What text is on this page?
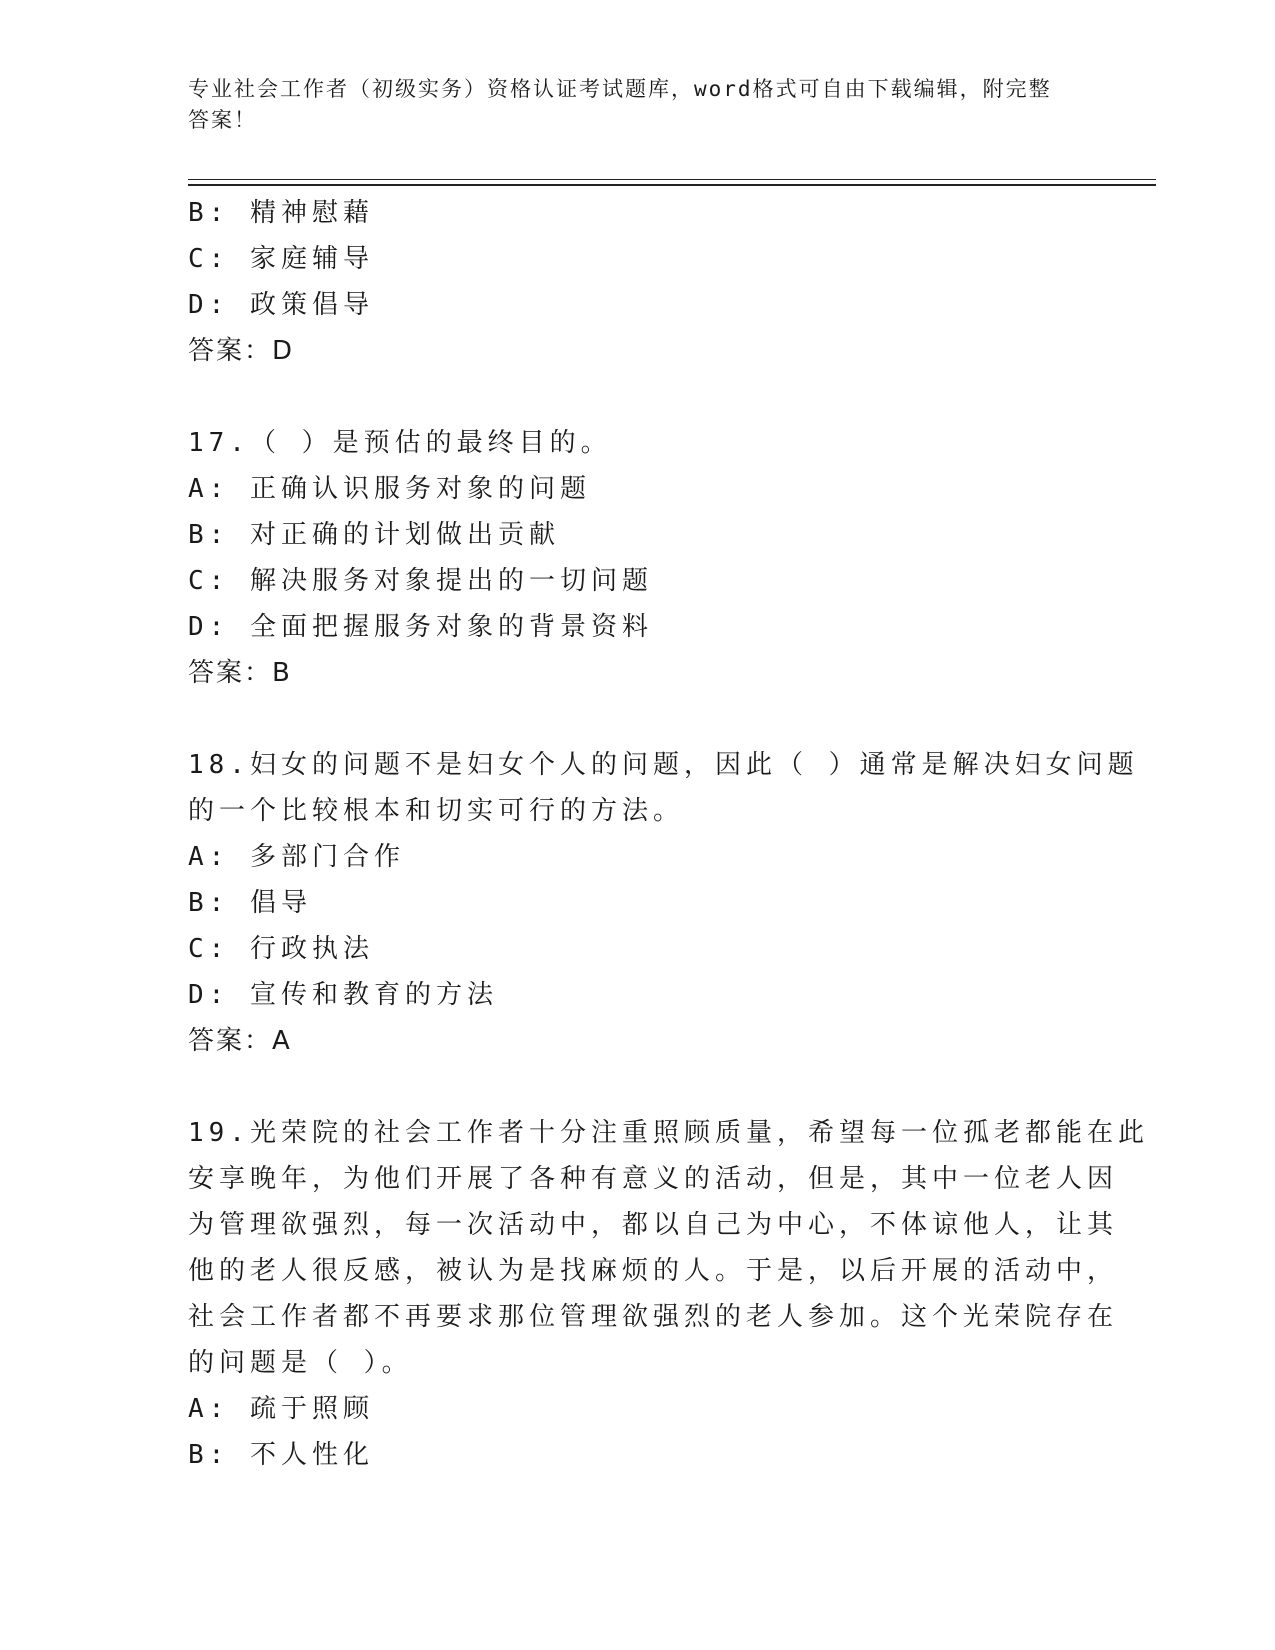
专业社会工作者（初级实务）资格认证考试题库，word格式可自由下载编辑，附完整答案！

B: 精神慰藉

C: 家庭辅导

D: 政策倡导

答案：D

17.（ ）是预估的最终目的。

A: 正确认识服务对象的问题

B: 对正确的计划做出贡献

C: 解决服务对象提出的一切问题

D: 全面把握服务对象的背景资料

答案：B

18.妇女的问题不是妇女个人的问题，因此（ ）通常是解决妇女问题

的一个比较根本和切实可行的方法。

A: 多部门合作

B: 倡导

C: 行政执法

D: 宣传和教育的方法

答案：A

19.光荣院的社会工作者十分注重照顾质量，希望每一位孤老都能在此

安享晚年，为他们开展了各种有意义的活动，但是，其中一位老人因

为管理欲强烈，每一次活动中，都以自己为中心，不体谅他人，让其

他的老人很反感，被认为是找麻烦的人。于是，以后开展的活动中，

社会工作者都不再要求那位管理欲强烈的老人参加。这个光荣院存在

的问题是（ ）。

A: 疏于照顾

B: 不人性化
